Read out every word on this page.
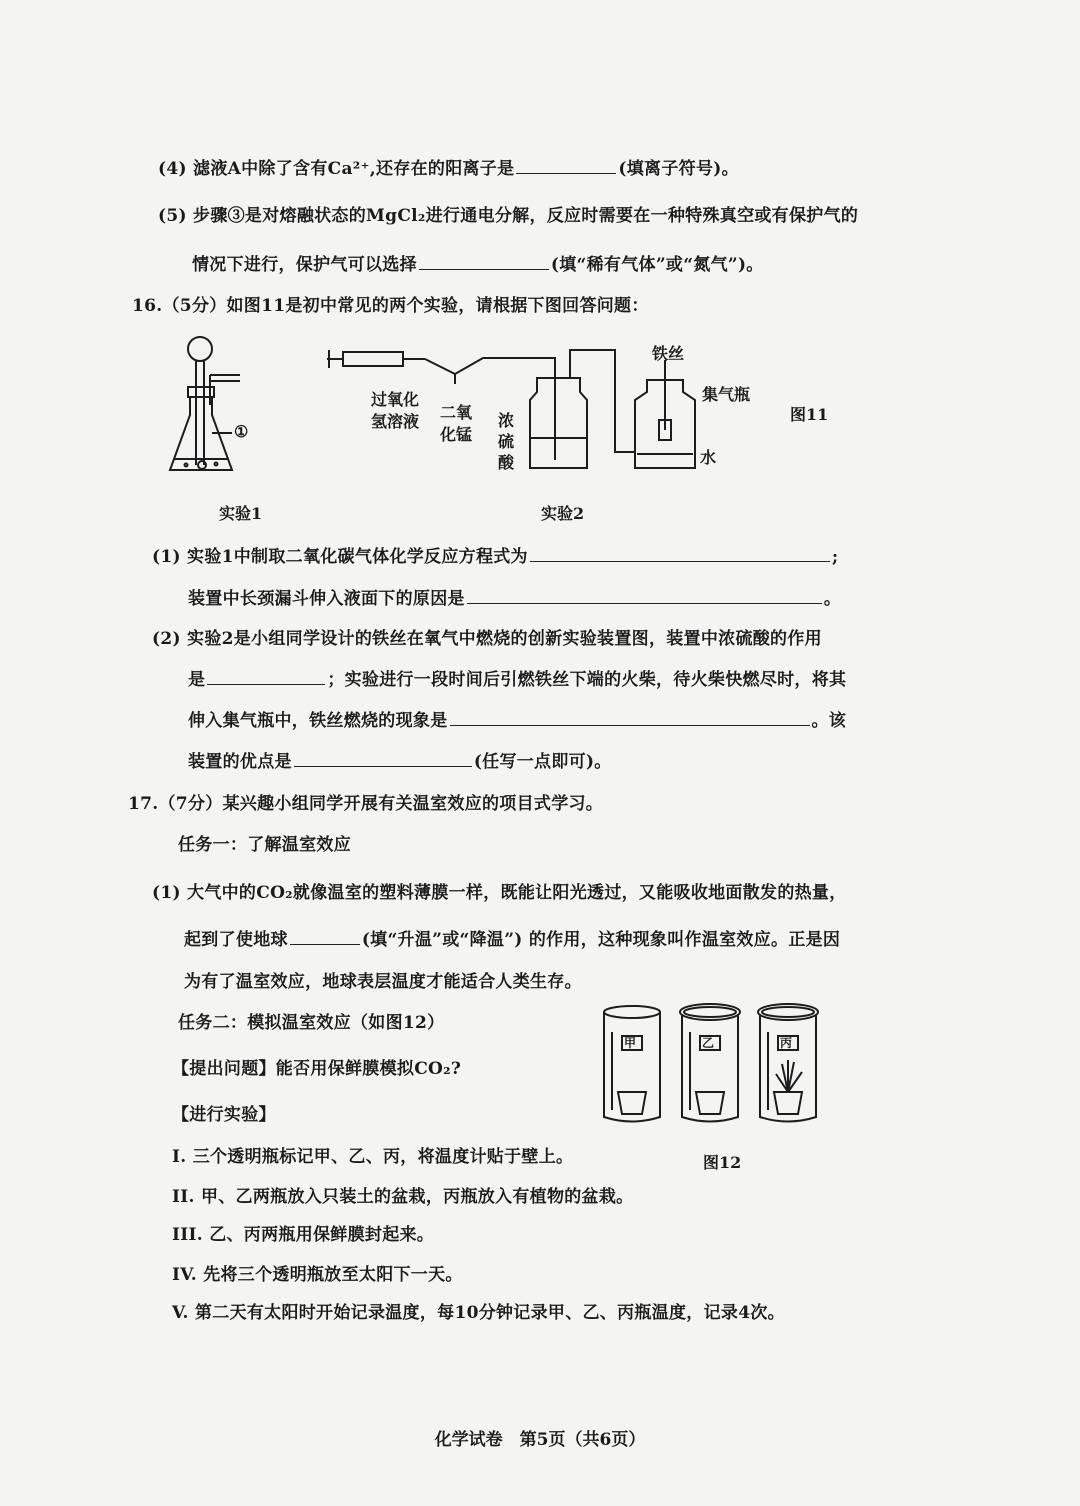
(4) 滤液A中除了含有Ca²⁺,还存在的阳离子是	(填离子符号)。
(5) 步骤③是对熔融状态的MgCl₂进行通电分解，反应时需要在一种特殊真空或有保护气的
情况下进行，保护气可以选择	(填“稀有气体”或“氮气”)。
16.（5分）如图11是初中常见的两个实验，请根据下图回答问题：
①
铁丝
集气瓶
水
图11
过氧化氢溶液 二氧化锰
浓硫酸
实验1	实验2
(1) 实验1中制取二氧化碳气体化学反应方程式为	;
装置中长颈漏斗伸入液面下的原因是	。
(2) 实验2是小组同学设计的铁丝在氧气中燃烧的创新实验装置图，装置中浓硫酸的作用
是	；实验进行一段时间后引燃铁丝下端的火柴，待火柴快燃尽时，将其
伸入集气瓶中，铁丝燃烧的现象是	。该
装置的优点是	(任写一点即可)。
17.（7分）某兴趣小组同学开展有关温室效应的项目式学习。
任务一：了解温室效应
(1) 大气中的CO₂就像温室的塑料薄膜一样，既能让阳光透过，又能吸收地面散发的热量，
起到了使地球	(填“升温”或“降温”) 的作用，这种现象叫作温室效应。正是因
为有了温室效应，地球表层温度才能适合人类生存。
任务二：模拟温室效应（如图12）
【提出问题】能否用保鲜膜模拟CO₂?
【进行实验】
I. 三个透明瓶标记甲、乙、丙，将温度计贴于壁上。
II. 甲、乙两瓶放入只装土的盆栽，丙瓶放入有植物的盆栽。
III. 乙、丙两瓶用保鲜膜封起来。
IV. 先将三个透明瓶放至太阳下一天。
V. 第二天有太阳时开始记录温度，每10分钟记录甲、乙、丙瓶温度，记录4次。
甲	乙	丙
图12
化学试卷　第5页（共6页）
